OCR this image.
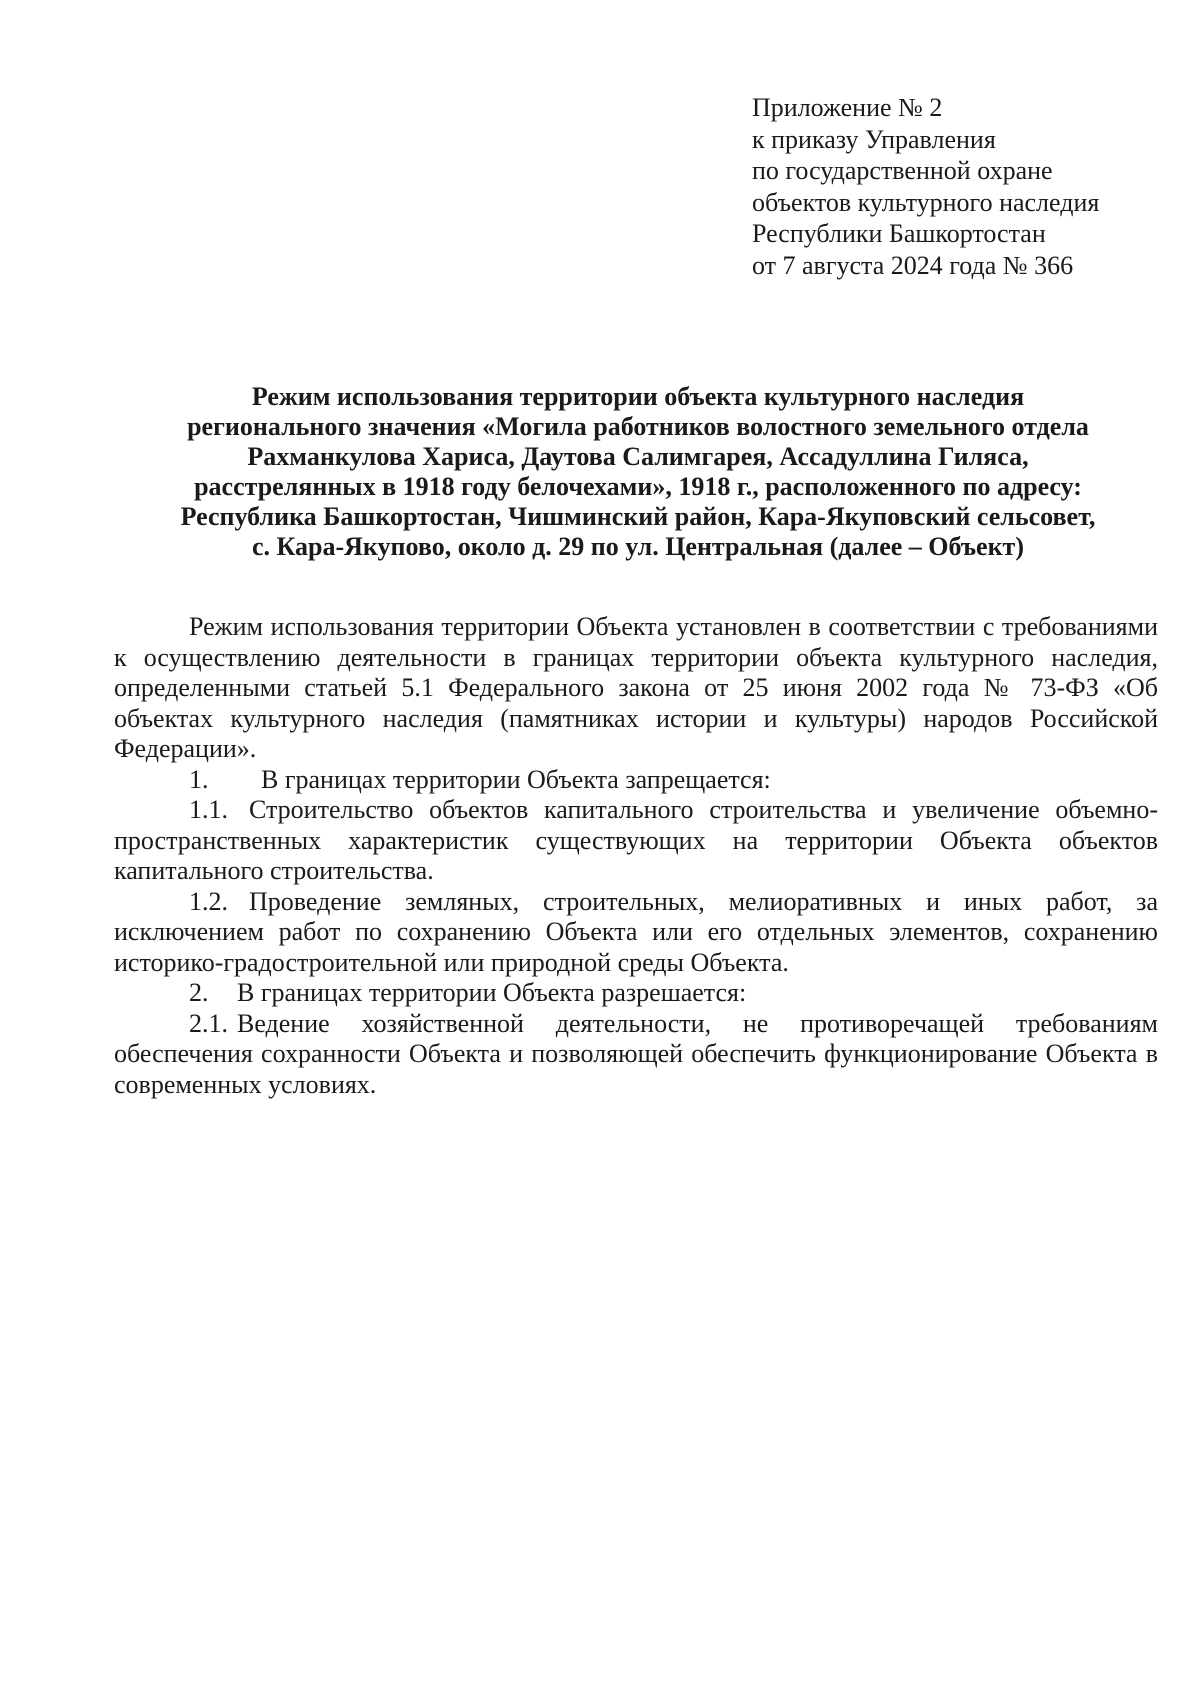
Приложение № 2
к приказу Управления
по государственной охране
объектов культурного наследия
Республики Башкортостан
от 7 августа 2024 года № 366
Режим использования территории объекта культурного наследия
регионального значения «Могила работников волостного земельного отдела
Рахманкулова Хариса, Даутова Салимгарея, Ассадуллина Гиляса,
расстрелянных в 1918 году белочехами», 1918 г., расположенного по адресу:
Республика Башкортостан, Чишминский район, Кара-Якуповский сельсовет,
с. Кара-Якупово, около д. 29 по ул. Центральная (далее – Объект)

Режим использования территории Объекта установлен в соответствии с требованиями к осуществлению деятельности в границах территории объекта культурного наследия, определенными статьей 5.1 Федерального закона от 25 июня 2002 года № 73-ФЗ «Об объектах культурного наследия (памятниках истории и культуры) народов Российской Федерации».

1. В границах территории Объекта запрещается:

1.1. Строительство объектов капитального строительства и увеличение объемно-пространственных характеристик существующих на территории Объекта объектов капитального строительства.

1.2. Проведение земляных, строительных, мелиоративных и иных работ, за исключением работ по сохранению Объекта или его отдельных элементов, сохранению историко-градостроительной или природной среды Объекта.

2. В границах территории Объекта разрешается:

2.1. Ведение хозяйственной деятельности, не противоречащей требованиям обеспечения сохранности Объекта и позволяющей обеспечить функционирование Объекта в современных условиях.
